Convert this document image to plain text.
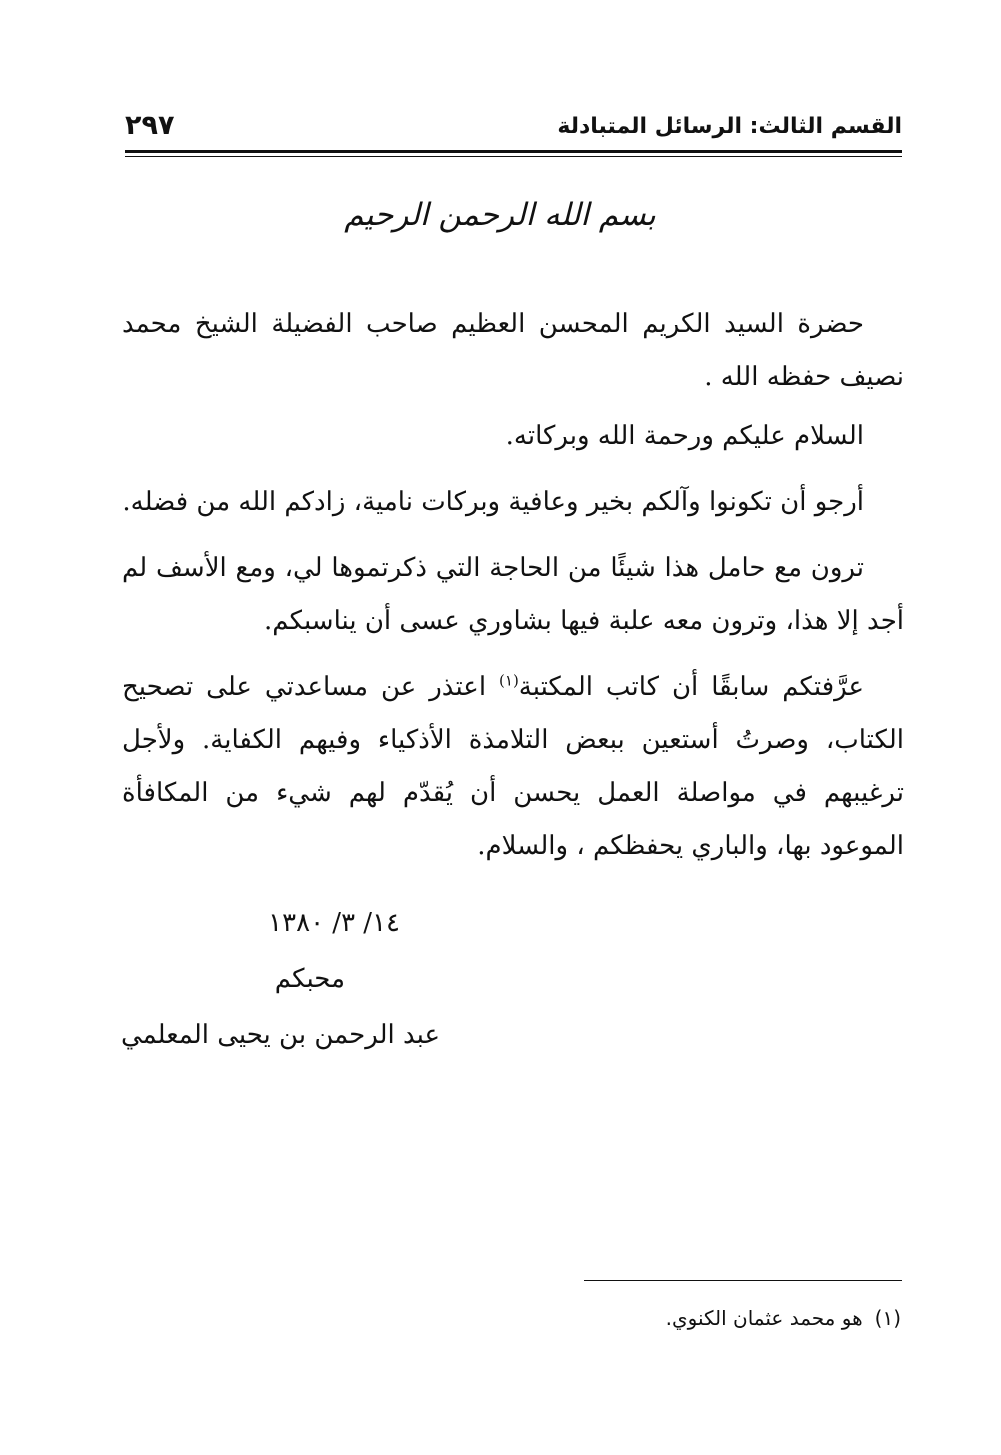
القسم الثالث: الرسائل المتبادلة
٢٩٧
بسم الله الرحمن الرحيم

حضرة السيد الكريم المحسن العظيم صاحب الفضيلة الشيخ محمد نصيف حفظه الله .

السلام عليكم ورحمة الله وبركاته.

أرجو أن تكونوا وآلكم بخير وعافية وبركات نامية، زادكم الله من فضله.

ترون مع حامل هذا شيئًا من الحاجة التي ذكرتموها لي، ومع الأسف لم أجد إلا هذا، وترون معه علبة فيها بشاوري عسى أن يناسبكم.

عرَّفتكم سابقًا أن كاتب المكتبة$^{(١)}$ اعتذر عن مساعدتي على تصحيح الكتاب، وصرتُ أستعين ببعض التلامذة الأذكياء وفيهم الكفاية. ولأجل ترغيبهم في مواصلة العمل يحسن أن يُقدّم لهم شيء من المكافأة الموعود بها، والباري يحفظكم ، والسلام.

١٤/ ٣/ ١٣٨٠
محبكم
عبد الرحمن بن يحيى المعلمي
(١)هو محمد عثمان الكنوي.
